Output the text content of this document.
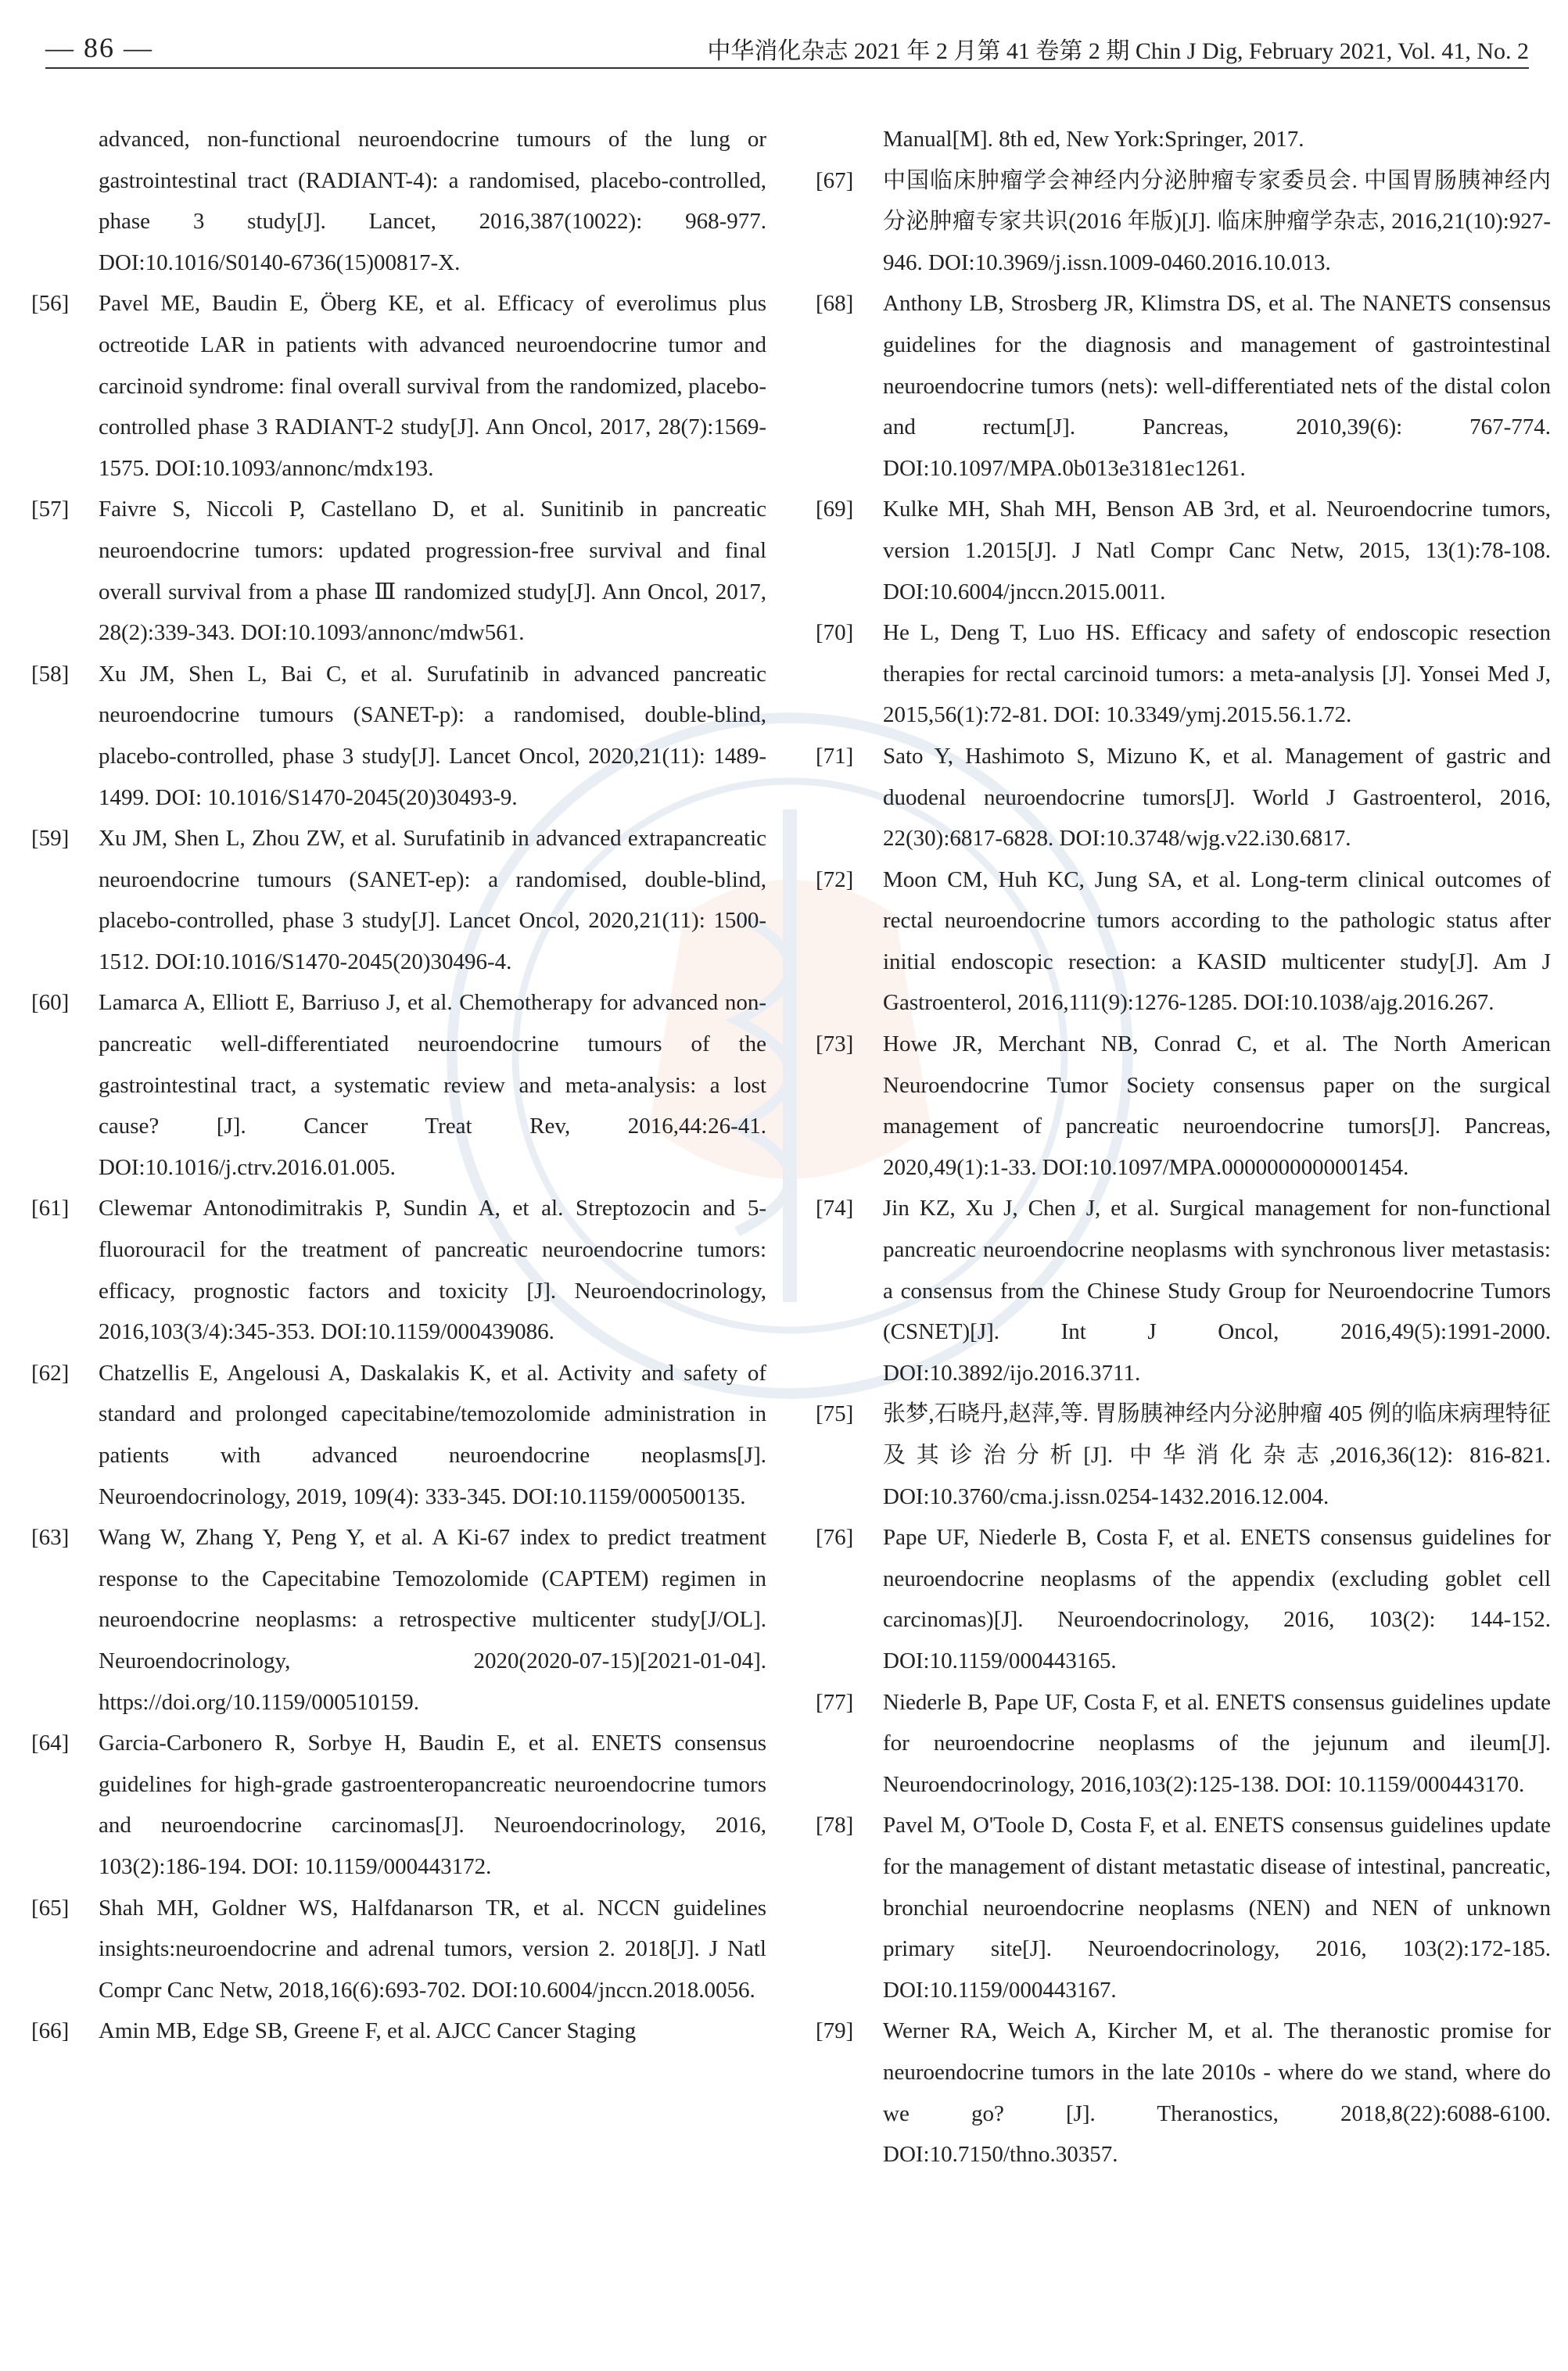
— 86 —	中华消化杂志 2021 年 2 月第 41 卷第 2 期 Chin J Dig, February 2021, Vol. 41, No. 2

advanced, non-functional neuroendocrine tumours of the lung or gastrointestinal tract (RADIANT-4): a randomised, placebo-controlled, phase 3 study[J]. Lancet, 2016,387(10022): 968-977. DOI:10.1016/S0140-6736(15)00817-X.

[56]	Pavel ME, Baudin E, Öberg KE, et al. Efficacy of everolimus plus octreotide LAR in patients with advanced neuroendocrine tumor and carcinoid syndrome: final overall survival from the randomized, placebo-controlled phase 3 RADIANT-2 study[J]. Ann Oncol, 2017, 28(7):1569-1575. DOI:10.1093/annonc/mdx193.

[57]	Faivre S, Niccoli P, Castellano D, et al. Sunitinib in pancreatic neuroendocrine tumors: updated progression-free survival and final overall survival from a phase Ⅲ randomized study[J]. Ann Oncol, 2017, 28(2):339-343. DOI:10.1093/annonc/mdw561.

[58]	Xu JM, Shen L, Bai C, et al. Surufatinib in advanced pancreatic neuroendocrine tumours (SANET-p): a randomised, double-blind, placebo-controlled, phase 3 study[J]. Lancet Oncol, 2020,21(11): 1489-1499. DOI: 10.1016/S1470-2045(20)30493-9.

[59]	Xu JM, Shen L, Zhou ZW, et al. Surufatinib in advanced extrapancreatic neuroendocrine tumours (SANET-ep): a randomised, double-blind, placebo-controlled, phase 3 study[J]. Lancet Oncol, 2020,21(11): 1500-1512. DOI:10.1016/S1470-2045(20)30496-4.

[60]	Lamarca A, Elliott E, Barriuso J, et al. Chemotherapy for advanced non-pancreatic well-differentiated neuroendocrine tumours of the gastrointestinal tract, a systematic review and meta-analysis: a lost cause? [J]. Cancer Treat Rev, 2016,44:26-41. DOI:10.1016/j.ctrv.2016.01.005.

[61]	Clewemar Antonodimitrakis P, Sundin A, et al. Streptozocin and 5-fluorouracil for the treatment of pancreatic neuroendocrine tumors: efficacy, prognostic factors and toxicity [J]. Neuroendocrinology, 2016,103(3/4):345-353. DOI:10.1159/000439086.

[62]	Chatzellis E, Angelousi A, Daskalakis K, et al. Activity and safety of standard and prolonged capecitabine/temozolomide administration in patients with advanced neuroendocrine neoplasms[J]. Neuroendocrinology, 2019, 109(4): 333-345. DOI:10.1159/000500135.

[63]	Wang W, Zhang Y, Peng Y, et al. A Ki-67 index to predict treatment response to the Capecitabine Temozolomide (CAPTEM) regimen in neuroendocrine neoplasms: a retrospective multicenter study[J/OL]. Neuroendocrinology, 2020(2020-07-15)[2021-01-04]. https://doi.org/10.1159/000510159.

[64]	Garcia-Carbonero R, Sorbye H, Baudin E, et al. ENETS consensus guidelines for high-grade gastroenteropancreatic neuroendocrine tumors and neuroendocrine carcinomas[J]. Neuroendocrinology, 2016, 103(2):186-194. DOI: 10.1159/000443172.

[65]	Shah MH, Goldner WS, Halfdanarson TR, et al. NCCN guidelines insights:neuroendocrine and adrenal tumors, version 2. 2018[J]. J Natl Compr Canc Netw, 2018,16(6):693-702. DOI:10.6004/jnccn.2018.0056.

[66]	Amin MB, Edge SB, Greene F, et al. AJCC Cancer Staging

Manual[M]. 8th ed, New York:Springer, 2017.

[67]	中国临床肿瘤学会神经内分泌肿瘤专家委员会. 中国胃肠胰神经内分泌肿瘤专家共识(2016 年版)[J]. 临床肿瘤学杂志, 2016,21(10):927-946. DOI:10.3969/j.issn.1009-0460.2016.10.013.

[68]	Anthony LB, Strosberg JR, Klimstra DS, et al. The NANETS consensus guidelines for the diagnosis and management of gastrointestinal neuroendocrine tumors (nets): well-differentiated nets of the distal colon and rectum[J]. Pancreas, 2010,39(6): 767-774. DOI:10.1097/MPA.0b013e3181ec1261.

[69]	Kulke MH, Shah MH, Benson AB 3rd, et al. Neuroendocrine tumors, version 1.2015[J]. J Natl Compr Canc Netw, 2015, 13(1):78-108. DOI:10.6004/jnccn.2015.0011.

[70]	He L, Deng T, Luo HS. Efficacy and safety of endoscopic resection therapies for rectal carcinoid tumors: a meta-analysis [J]. Yonsei Med J, 2015,56(1):72-81. DOI: 10.3349/ymj.2015.56.1.72.

[71]	Sato Y, Hashimoto S, Mizuno K, et al. Management of gastric and duodenal neuroendocrine tumors[J]. World J Gastroenterol, 2016, 22(30):6817-6828. DOI:10.3748/wjg.v22.i30.6817.

[72]	Moon CM, Huh KC, Jung SA, et al. Long-term clinical outcomes of rectal neuroendocrine tumors according to the pathologic status after initial endoscopic resection: a KASID multicenter study[J]. Am J Gastroenterol, 2016,111(9):1276-1285. DOI:10.1038/ajg.2016.267.

[73]	Howe JR, Merchant NB, Conrad C, et al. The North American Neuroendocrine Tumor Society consensus paper on the surgical management of pancreatic neuroendocrine tumors[J]. Pancreas, 2020,49(1):1-33. DOI:10.1097/MPA.0000000000001454.

[74]	Jin KZ, Xu J, Chen J, et al. Surgical management for non-functional pancreatic neuroendocrine neoplasms with synchronous liver metastasis: a consensus from the Chinese Study Group for Neuroendocrine Tumors (CSNET)[J]. Int J Oncol, 2016,49(5):1991-2000. DOI:10.3892/ijo.2016.3711.

[75]	张梦,石晓丹,赵萍,等. 胃肠胰神经内分泌肿瘤 405 例的临床病理特征及其诊治分析[J]. 中华消化杂志,2016,36(12): 816-821. DOI:10.3760/cma.j.issn.0254-1432.2016.12.004.

[76]	Pape UF, Niederle B, Costa F, et al. ENETS consensus guidelines for neuroendocrine neoplasms of the appendix (excluding goblet cell carcinomas)[J]. Neuroendocrinology, 2016, 103(2): 144-152. DOI:10.1159/000443165.

[77]	Niederle B, Pape UF, Costa F, et al. ENETS consensus guidelines update for neuroendocrine neoplasms of the jejunum and ileum[J]. Neuroendocrinology, 2016,103(2):125-138. DOI: 10.1159/000443170.

[78]	Pavel M, O'Toole D, Costa F, et al. ENETS consensus guidelines update for the management of distant metastatic disease of intestinal, pancreatic, bronchial neuroendocrine neoplasms (NEN) and NEN of unknown primary site[J]. Neuroendocrinology, 2016, 103(2):172-185. DOI:10.1159/000443167.

[79]	Werner RA, Weich A, Kircher M, et al. The theranostic promise for neuroendocrine tumors in the late 2010s - where do we stand, where do we go? [J]. Theranostics, 2018,8(22):6088-6100. DOI:10.7150/thno.30357.
